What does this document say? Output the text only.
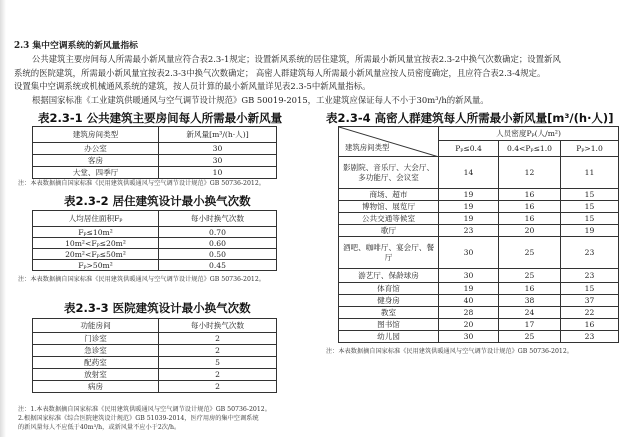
2.3 集中空调系统的新风量指标

公共建筑主要房间每人所需最小新风量应符合表2.3-1规定；设置新风系统的居住建筑，所需最小新风量宜按表2.3-2中换气次数确定；设置新风

系统的医院建筑，所需最小新风量宜按表2.3-3中换气次数确定； 高密人群建筑每人所需最小新风量应按人员密度确定，且应符合表2.3-4规定。

设置集中空调系统或机械通风系统的建筑，按人员计算的最小新风量详见表2.3-5中新风量指标。

根据国家标准《工业建筑供暖通风与空气调节设计规范》GB 50019-2015，工业建筑应保证每人不小于30m³/h的新风量。

表2.3-1 公共建筑主要房间每人所需最小新风量
建筑房间类型	新风量[m³/(h·人)]
办公室	30
客房	30
大堂、四季厅	10
注：本表数据摘自国家标准《民用建筑供暖通风与空气调节设计规范》GB 50736-2012。
表2.3-2 居住建筑设计最小换气次数
人均居住面积Fₚ	每小时换气次数
Fₚ≤10m²	0.70
10m²<Fₚ≤20m²	0.60
20m²<Fₚ≤50m²	0.50
Fₚ>50m²	0.45
注：本表数据摘自国家标准《民用建筑供暖通风与空气调节设计规范》GB 50736-2012。
表2.3-3 医院建筑设计最小换气次数
功能房间	每小时换气次数
门诊室	2
急诊室	2
配药室	5
放射室	2
病房	2
注：1.本表数据摘自国家标准《民用建筑供暖通风与空气调节设计规范》GB 50736-2012。
2.根据国家标准《综合医院建筑设计规范》GB 51039-2014，医疗用房的集中空调系统
的新风量每人不应低于40m³/h，或新风量不应小于2次/h。
表2.3-4 高密人群建筑每人所需最小新风量[m³/(h·人)]
建筑房间类型	人员密度Pₚ(人/m²)		
	Pₚ≤0.4	0.4<Pₚ≤1.0	Pₚ>1.0
影剧院、音乐厅、大会厅、多功能厅、会议室	14	12	11
商场、超市	19	16	15
博物馆、展览厅	19	16	15
公共交通等候室	19	16	15
歌厅	23	20	19
酒吧、咖啡厅、宴会厅、餐厅	30	25	23
游艺厅、保龄球房	30	25	23
体育馆	19	16	15
健身房	40	38	37
教室	28	24	22
图书馆	20	17	16
幼儿园	30	25	23
注：本表数据摘自国家标准《民用建筑供暖通风与空气调节设计规范》GB 50736-2012。
